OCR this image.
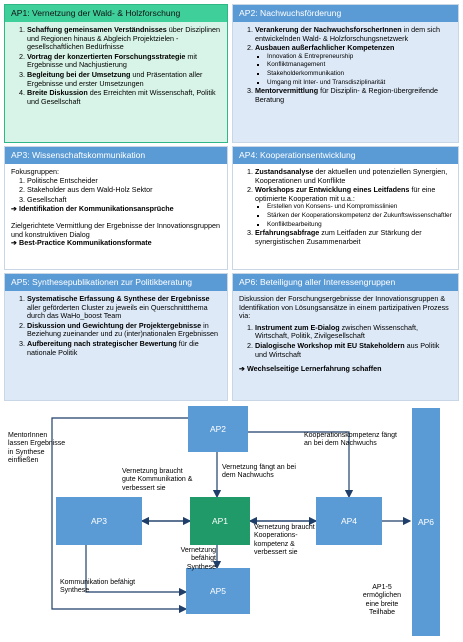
AP1: Vernetzung der Wald- & Holzforschung
1. Schaffung gemeinsamen Verständnisses über Disziplinen und Regionen hinaus & Abgleich Projektzielen - gesellschaftlichen Bedürfnisse
2. Vortrag der konzertierten Forschungsstrategie mit Ergebnisse und Nachjustierung
3. Begleitung bei der Umsetzung und Präsentation aller Ergebnisse und erster Umsetzungen
4. Breite Diskussion des Erreichten mit Wissenschaft, Politik und Gesellschaft
AP2: Nachwuchsförderung
1. Verankerung der NachwuchsforscherInnen in dem sich entwickelnden Wald- & Holzforschungsnetzwerk
2. Ausbauen außerfachlicher Kompetenzen
▪ Innovation & Entrepreneurship
▪ Konfliktmanagement
▪ Stakeholderkommunikation
▪ Umgang mit Inter- und Transdisziplinarität
3. Mentorvermittlung für Disziplin- & Region-übergreifende Beratung
AP3: Wissenschaftskommunikation

Fokusgruppen:

1. Politische Entscheider
2. Stakeholder aus dem Wald-Holz Sektor
3. Gesellschaft

➔ Identifikation der Kommunikationsansprüche

Zielgerichtete Vermittlung der Ergebnisse der Innovationsgruppen und konstruktiven Dialog

➔ Best-Practice Kommunikationsformate

AP4: Kooperationsentwicklung
1. Zustandsanalyse der aktuellen und potenziellen Synergien, Kooperationen und Konflikte
2. Workshops zur Entwicklung eines Leitfadens für eine optimierte Kooperation mit u.a.:
▪ Erstellen von Konsens- und Kompromisslinien
▪ Stärken der Kooperationskompetenz der Zukunftswissenschaftler
▪ Konfliktbearbeitung
3. Erfahrungsabfrage zum Leitfaden zur Stärkung der synergistischen Zusammenarbeit
AP5: Synthesepublikationen zur Politikberatung
1. Systematische Erfassung & Synthese der Ergebnisse aller geförderten Cluster zu jeweils ein Querschnittthema durch das WaHo_boost Team
2. Diskussion und Gewichtung der Projektergebnisse in Beziehung zueinander und zu (inter)nationalen Ergebnissen
3. Aufbereitung nach strategischer Bewertung für die nationale Politik
AP6: Beteiligung aller Interessengruppen

Diskussion der Forschungsergebnisse der Innovationsgruppen & Identifikation von Lösungsansätze in einem partizipativen Prozess via:

1. Instrument zum E-Dialog zwischen Wissenschaft, Wirtschaft, Politik, Zivilgesellschaft
2. Dialogische Workshop mit EU Stakeholdern aus Politik und Wirtschaft

➔ Wechselseitige Lernerfahrung schaffen

AP2
AP3	AP1	AP4
AP5
AP6
MentorInnen lassen Ergebnisse in Synthese einfließen
Kooperationskompetenz fängt an bei dem Nachwuchs
Vernetzung fängt an bei dem Nachwuchs
Vernetzung braucht gute Kommunikation & verbessert sie
Vernetzung braucht Kooperations-kompetenz & verbessert sie
Vernetzung befähigt Synthese
Kommunikation befähigt Synthese	AP1-5 ermöglichen eine breite Teilhabe
